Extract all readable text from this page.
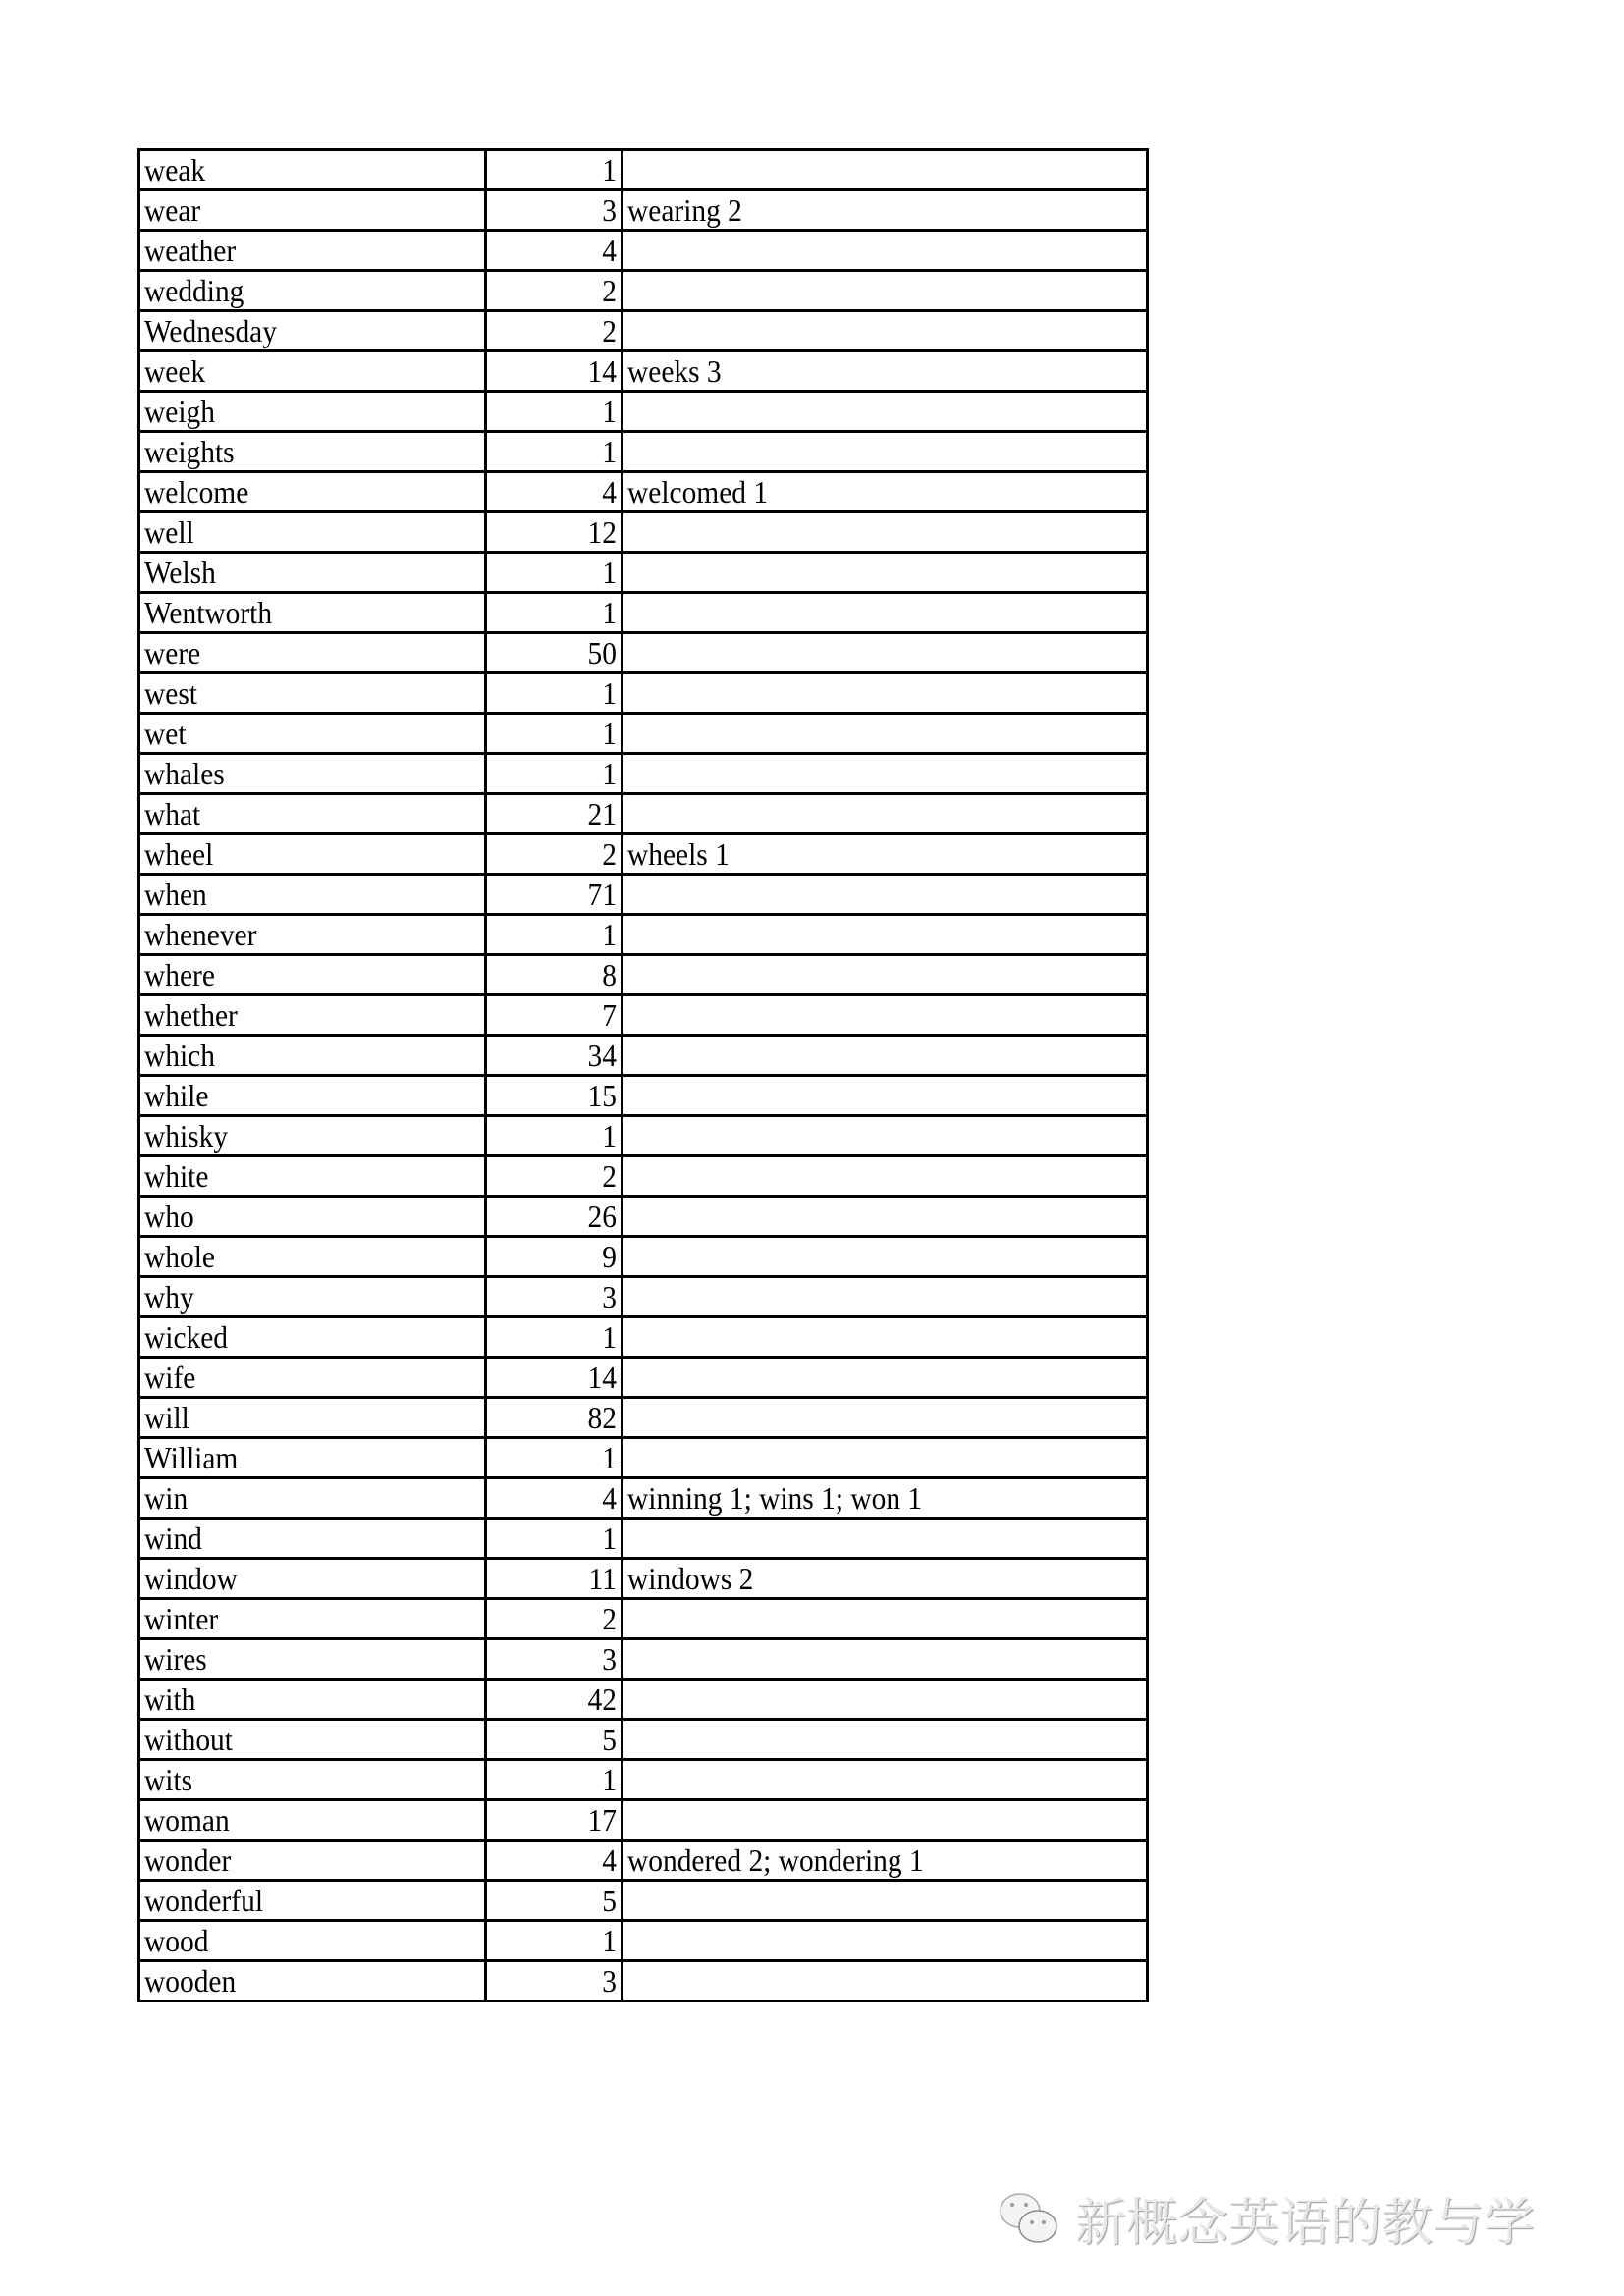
weak	1	
wear	3	wearing 2
weather	4	
wedding	2	
Wednesday	2	
week	14	weeks 3
weigh	1	
weights	1	
welcome	4	welcomed 1
well	12	
Welsh	1	
Wentworth	1	
were	50	
west	1	
wet	1	
whales	1	
what	21	
wheel	2	wheels 1
when	71	
whenever	1	
where	8	
whether	7	
which	34	
while	15	
whisky	1	
white	2	
who	26	
whole	9	
why	3	
wicked	1	
wife	14	
will	82	
William	1	
win	4	winning 1; wins 1; won 1
wind	1	
window	11	windows 2
winter	2	
wires	3	
with	42	
without	5	
wits	1	
woman	17	
wonder	4	wondered 2; wondering 1
wonderful	5	
wood	1	
wooden	3	
新概念英语的教与学
